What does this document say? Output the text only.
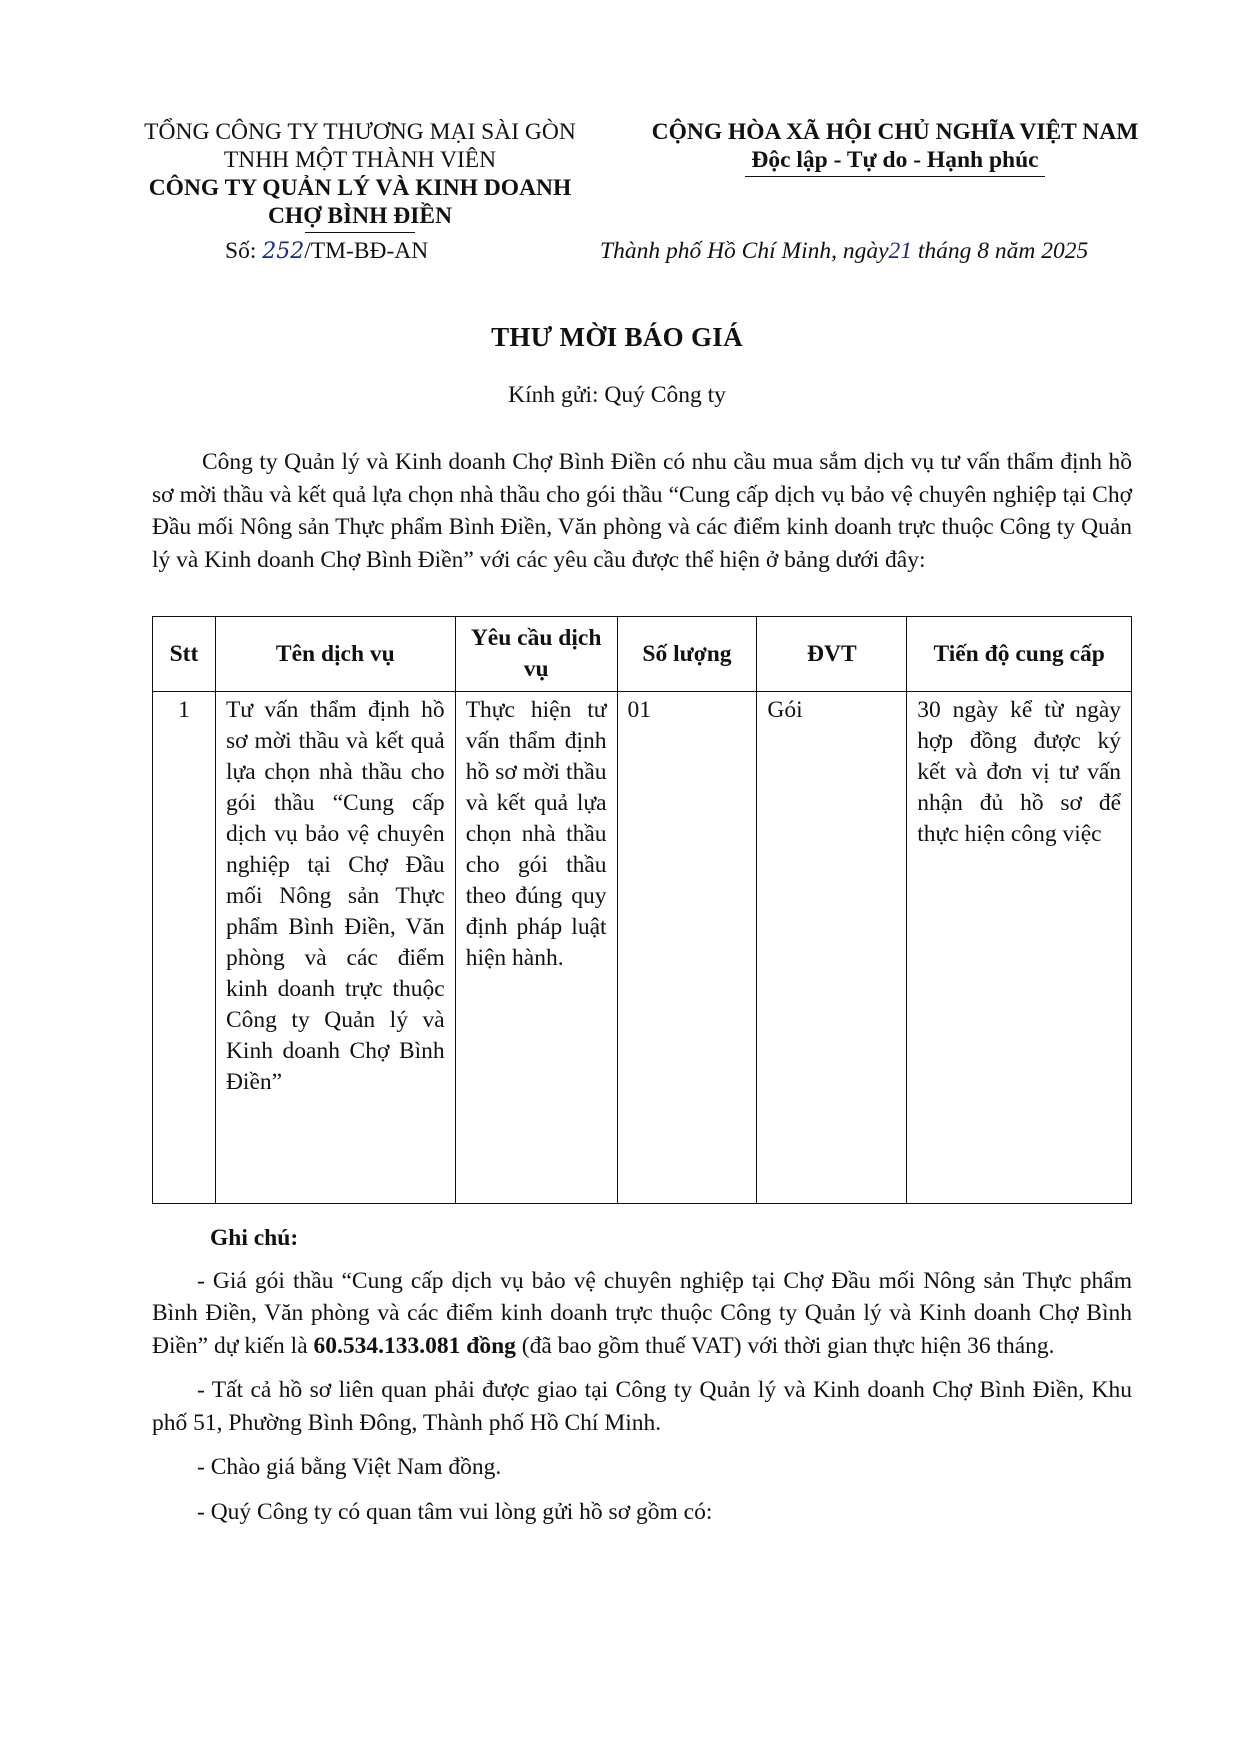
TỔNG CÔNG TY THƯƠNG MẠI SÀI GÒN
TNHH MỘT THÀNH VIÊN
CÔNG TY QUẢN LÝ VÀ KINH DOANH
CHỢ BÌNH ĐIỀN
CỘNG HÒA XÃ HỘI CHỦ NGHĨA VIỆT NAM
Độc lập - Tự do - Hạnh phúc
Số: 252/TM-BĐ-AN	Thành phố Hồ Chí Minh, ngày21 tháng 8 năm 2025
THƯ MỜI BÁO GIÁ
Kính gửi: Quý Công ty

Công ty Quản lý và Kinh doanh Chợ Bình Điền có nhu cầu mua sắm dịch vụ tư vấn thẩm định hồ sơ mời thầu và kết quả lựa chọn nhà thầu cho gói thầu “Cung cấp dịch vụ bảo vệ chuyên nghiệp tại Chợ Đầu mối Nông sản Thực phẩm Bình Điền, Văn phòng và các điểm kinh doanh trực thuộc Công ty Quản lý và Kinh doanh Chợ Bình Điền” với các yêu cầu được thể hiện ở bảng dưới đây:

Stt	Tên dịch vụ	Yêu cầu dịch vụ	Số lượng	ĐVT	Tiến độ cung cấp
1	Tư vấn thẩm định hồ sơ mời thầu và kết quả lựa chọn nhà thầu cho gói thầu “Cung cấp dịch vụ bảo vệ chuyên nghiệp tại Chợ Đầu mối Nông sản Thực phẩm Bình Điền, Văn phòng và các điểm kinh doanh trực thuộc Công ty Quản lý và Kinh doanh Chợ Bình Điền”	Thực hiện tư vấn thẩm định hồ sơ mời thầu và kết quả lựa chọn nhà thầu cho gói thầu theo đúng quy định pháp luật hiện hành.	01	Gói	30 ngày kể từ ngày hợp đồng được ký kết và đơn vị tư vấn nhận đủ hồ sơ để thực hiện công việc

Ghi chú:

- Giá gói thầu “Cung cấp dịch vụ bảo vệ chuyên nghiệp tại Chợ Đầu mối Nông sản Thực phẩm Bình Điền, Văn phòng và các điểm kinh doanh trực thuộc Công ty Quản lý và Kinh doanh Chợ Bình Điền” dự kiến là 60.534.133.081 đồng (đã bao gồm thuế VAT) với thời gian thực hiện 36 tháng.

- Tất cả hồ sơ liên quan phải được giao tại Công ty Quản lý và Kinh doanh Chợ Bình Điền, Khu phố 51, Phường Bình Đông, Thành phố Hồ Chí Minh.

- Chào giá bằng Việt Nam đồng.

- Quý Công ty có quan tâm vui lòng gửi hồ sơ gồm có:
